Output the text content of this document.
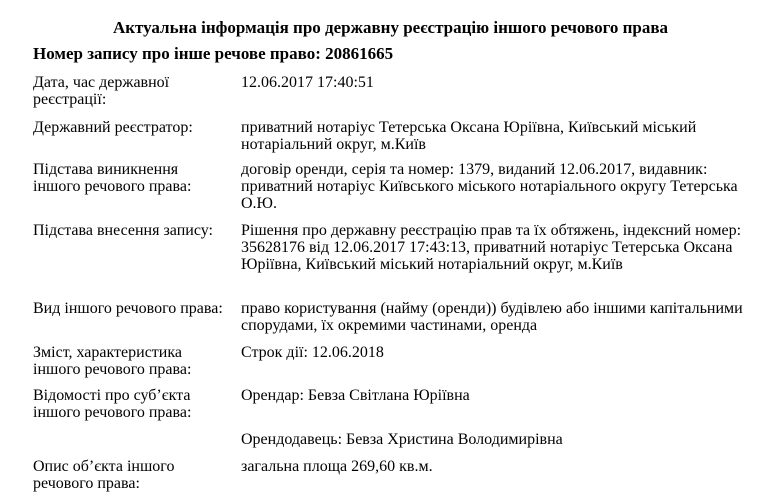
Актуальна інформація про державну реєстрацію іншого речового права
Номер запису про інше речове право: 20861665
Дата, час державної реєстрації:
12.06.2017 17:40:51
Державний реєстратор:	приватний нотаріус Тетерська Оксана Юріївна, Київський міський нотаріальний округ, м.Київ
Підстава виникнення іншого речового права:
договір оренди, серія та номер: 1379, виданий 12.06.2017, видавник: приватний нотаріус Київського міського нотаріального округу Тетерська О.Ю.
Підстава внесення запису:	Рішення про державну реєстрацію прав та їх обтяжень, індексний номер: 35628176 від 12.06.2017 17:43:13, приватний нотаріус Тетерська Оксана Юріївна, Київський міський нотаріальний округ, м.Київ
Вид іншого речового права:	право користування (найму (оренди)) будівлею або іншими капітальними спорудами, їх окремими частинами, оренда
Зміст, характеристика іншого речового права:
Строк дії: 12.06.2018
Відомості про суб’єкта іншого речового права:
Орендар: Бевза Світлана Юріївна
Орендодавець: Бевза Христина Володимирівна
Опис об’єкта іншого речового права:
загальна площа 269,60 кв.м.
